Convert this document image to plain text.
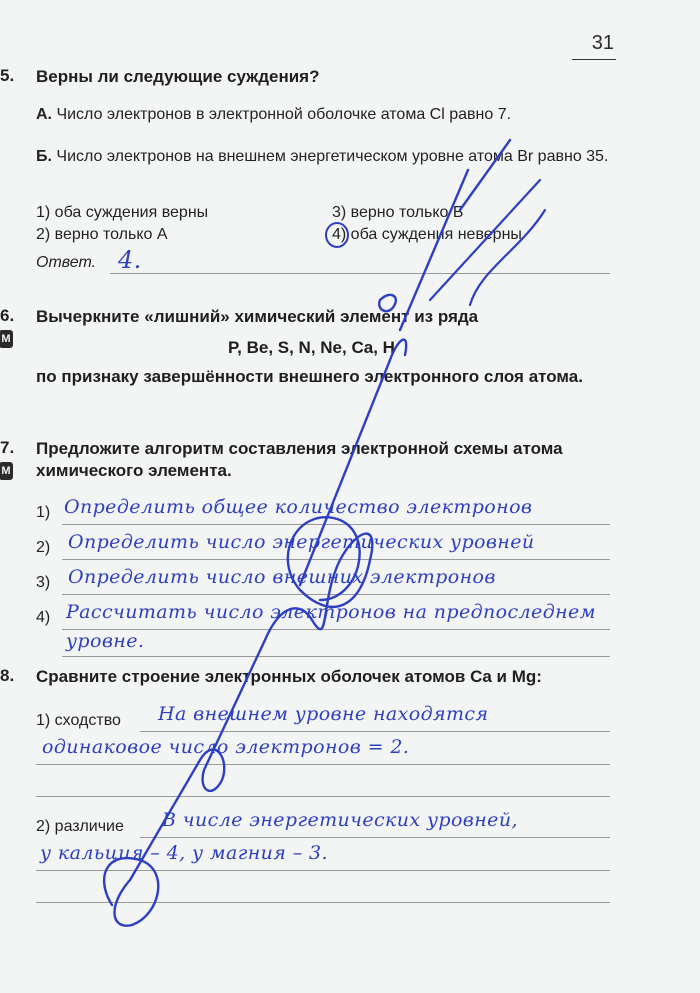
31
5. Верны ли следующие суждения?
А. Число электронов в электронной оболочке атома Cl равно 7.
Б. Число электронов на внешнем энергетическом уровне атома Br равно 35.
1) оба суждения верны
2) верно только А
3) верно только Б
4) оба суждения неверны
Ответ. 4.
6.
М
Вычеркните «лишний» химический элемент из ряда
P, Be, S, N, Ne, Ca, H
по признаку завершённости внешнего электронного слоя атома.
7.
М
Предложите алгоритм составления электронной схемы атома химического элемента.
1) Определить общее количество электронов
2) Определить число энергетических уровней
3) Определить число внешних электронов
4) Рассчитать число электронов на предпоследнем
уровне.
8. Сравните строение электронных оболочек атомов Ca и Mg:
1) сходство На внешнем уровне находятся
одинаковое число электронов = 2.
2) различие В числе энергетических уровней,
у кальция – 4, у магния – 3.
